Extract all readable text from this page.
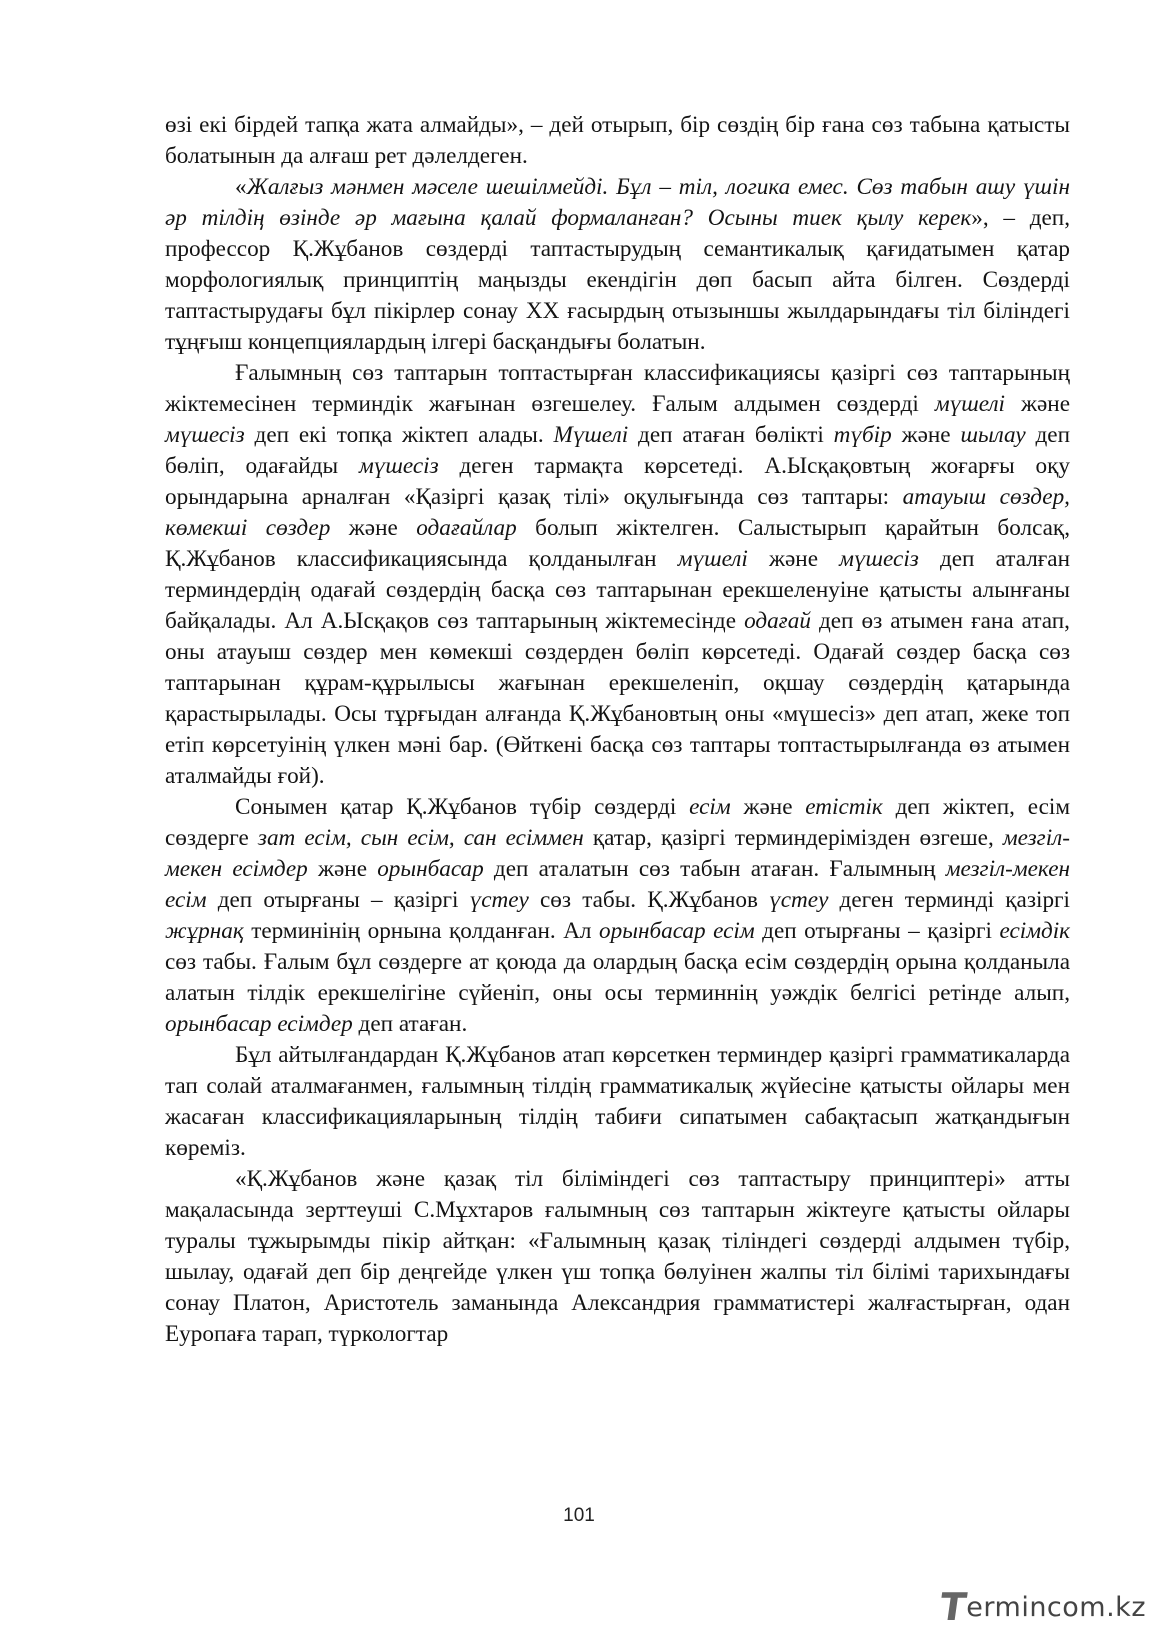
өзі екі бірдей тапқа жата алмайды», – дей отырып, бір сөздің бір ғана сөз табына қатысты болатынын да алғаш рет дәлелдеген.

«Жалғыз мәнмен мәселе шешілмейді. Бұл – тіл, логика емес. Сөз табын ашу үшін әр тілдің өзінде әр мағына қалай формаланған? Осыны тиек қылу керек», – деп, профессор Қ.Жұбанов сөздерді таптастырудың семантикалық қағидатымен қатар морфологиялық принциптің маңызды екендігін дөп басып айта білген. Сөздерді таптастырудағы бұл пікірлер сонау ХХ ғасырдың отызыншы жылдарындағы тіл біліндегі тұңғыш концепциялардың ілгері басқандығы болатын.

Ғалымның сөз таптарын топтастырған классификациясы қазіргі сөз таптарының жіктемесінен терминдік жағынан өзгешелеу. Ғалым алдымен сөздерді мүшелі және мүшесіз деп екі топқа жіктеп алады. Мүшелі деп атаған бөлікті түбір және шылау деп бөліп, одағайды мүшесіз деген тармақта көрсетеді. А.Ысқақовтың жоғарғы оқу орындарына арналған «Қазіргі қазақ тілі» оқулығында сөз таптары: атауыш сөздер, көмекші сөздер және одағайлар болып жіктелген. Салыстырып қарайтын болсақ, Қ.Жұбанов классификациясында қолданылған мүшелі және мүшесіз деп аталған терминдердің одағай сөздердің басқа сөз таптарынан ерекшеленуіне қатысты алынғаны байқалады. Ал А.Ысқақов сөз таптарының жіктемесінде одағай деп өз атымен ғана атап, оны атауыш сөздер мен көмекші сөздерден бөліп көрсетеді. Одағай сөздер басқа сөз таптарынан құрам-құрылысы жағынан ерекшеленіп, оқшау сөздердің қатарында қарастырылады. Осы тұрғыдан алғанда Қ.Жұбановтың оны «мүшесіз» деп атап, жеке топ етіп көрсетуінің үлкен мәні бар. (Өйткені басқа сөз таптары топтастырылғанда өз атымен аталмайды ғой).

Сонымен қатар Қ.Жұбанов түбір сөздерді есім және етістік деп жіктеп, есім сөздерге зат есім, сын есім, сан есіммен қатар, қазіргі терминдерімізден өзгеше, мезгіл-мекен есімдер және орынбасар деп аталатын сөз табын атаған. Ғалымның мезгіл-мекен есім деп отырғаны – қазіргі үстеу сөз табы. Қ.Жұбанов үстеу деген терминді қазіргі жұрнақ терминінің орнына қолданған. Ал орынбасар есім деп отырғаны – қазіргі есімдік сөз табы. Ғалым бұл сөздерге ат қоюда да олардың басқа есім сөздердің орына қолданыла алатын тілдік ерекшелігіне сүйеніп, оны осы терминнің уәждік белгісі ретінде алып, орынбасар есімдер деп атаған.

Бұл айтылғандардан Қ.Жұбанов атап көрсеткен терминдер қазіргі грамматикаларда тап солай аталмағанмен, ғалымның тілдің грамматикалық жүйесіне қатысты ойлары мен жасаған классификацияларының тілдің табиғи сипатымен сабақтасып жатқандығын көреміз.

«Қ.Жұбанов және қазақ тіл біліміндегі сөз таптастыру принциптері» атты мақаласында зерттеуші С.Мұхтаров ғалымның сөз таптарын жіктеуге қатысты ойлары туралы тұжырымды пікір айтқан: «Ғалымның қазақ тіліндегі сөздерді алдымен түбір, шылау, одағай деп бір деңгейде үлкен үш топқа бөлуінен жалпы тіл білімі тарихындағы сонау Платон, Аристотель заманында Александрия грамматистері жалғастырған, одан Еуропаға тарап, түркологтар

101
T
ermincom.kz
